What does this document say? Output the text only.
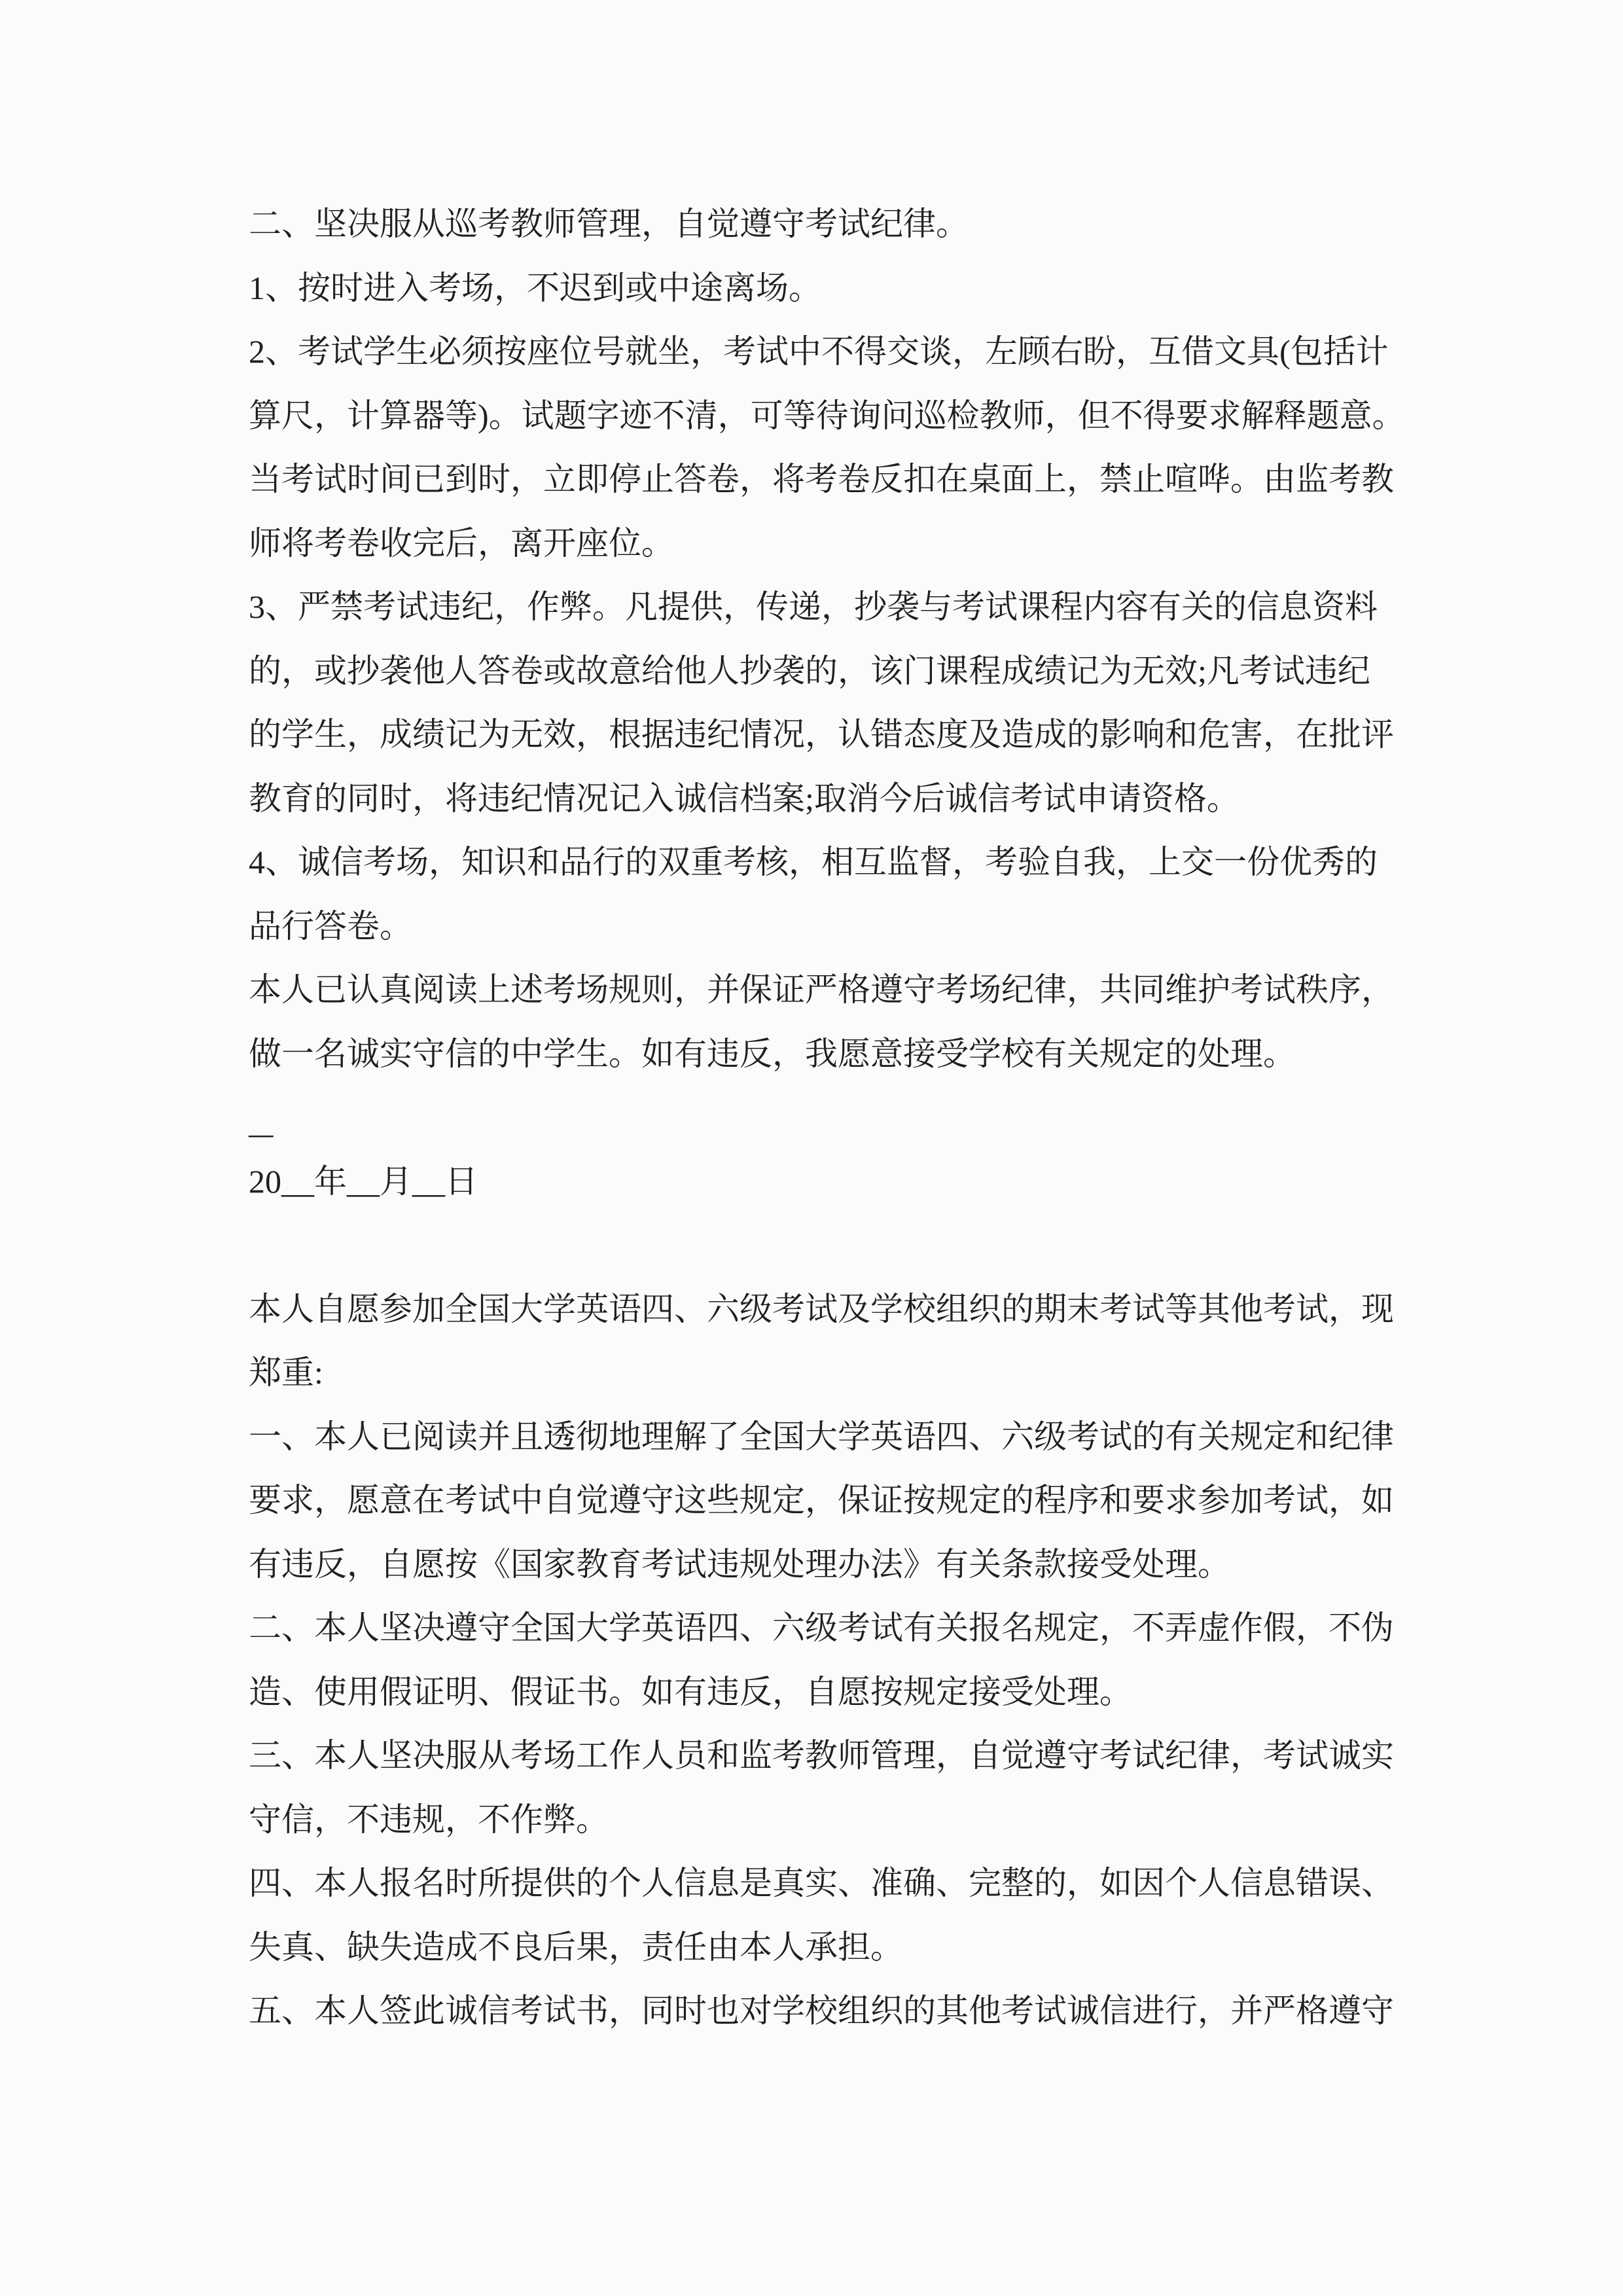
二、坚决服从巡考教师管理，自觉遵守考试纪律。
1、按时进入考场，不迟到或中途离场。
2、考试学生必须按座位号就坐，考试中不得交谈，左顾右盼，互借文具(包括计
算尺，计算器等)。试题字迹不清，可等待询问巡检教师，但不得要求解释题意。
当考试时间已到时，立即停止答卷，将考卷反扣在桌面上，禁止喧哗。由监考教
师将考卷收完后，离开座位。
3、严禁考试违纪，作弊。凡提供，传递，抄袭与考试课程内容有关的信息资料
的，或抄袭他人答卷或故意给他人抄袭的，该门课程成绩记为无效;凡考试违纪
的学生，成绩记为无效，根据违纪情况，认错态度及造成的影响和危害，在批评
教育的同时，将违纪情况记入诚信档案;取消今后诚信考试申请资格。
4、诚信考场，知识和品行的双重考核，相互监督，考验自我，上交一份优秀的
品行答卷。
本人已认真阅读上述考场规则，并保证严格遵守考场纪律，共同维护考试秩序，
做一名诚实守信的中学生。如有违反，我愿意接受学校有关规定的处理。
—
20__年__月__日
本人自愿参加全国大学英语四、六级考试及学校组织的期末考试等其他考试，现
郑重:
一、本人已阅读并且透彻地理解了全国大学英语四、六级考试的有关规定和纪律
要求，愿意在考试中自觉遵守这些规定，保证按规定的程序和要求参加考试，如
有违反，自愿按《国家教育考试违规处理办法》有关条款接受处理。
二、本人坚决遵守全国大学英语四、六级考试有关报名规定，不弄虚作假，不伪
造、使用假证明、假证书。如有违反，自愿按规定接受处理。
三、本人坚决服从考场工作人员和监考教师管理，自觉遵守考试纪律，考试诚实
守信，不违规，不作弊。
四、本人报名时所提供的个人信息是真实、准确、完整的，如因个人信息错误、
失真、缺失造成不良后果，责任由本人承担。
五、本人签此诚信考试书，同时也对学校组织的其他考试诚信进行，并严格遵守
